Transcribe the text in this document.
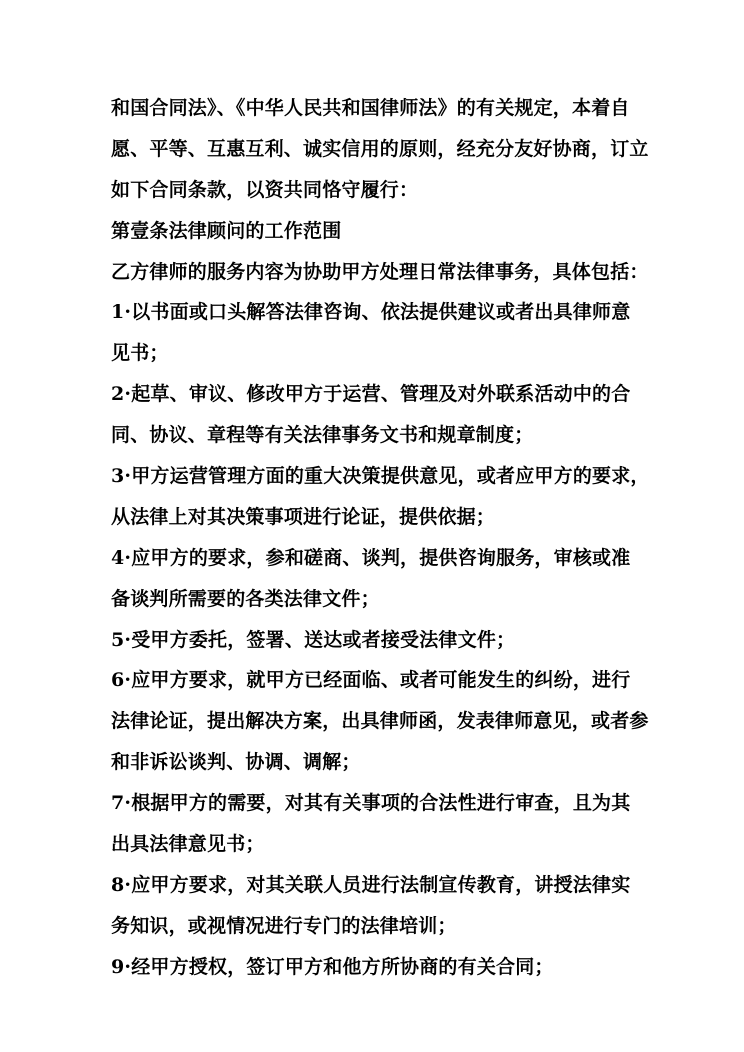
和国合同法》、《中华人民共和国律师法》的有关规定，本着自
愿、平等、互惠互利、诚实信用的原则，经充分友好协商，订立
如下合同条款，以资共同恪守履行：
第壹条法律顾问的工作范围
乙方律师的服务内容为协助甲方处理日常法律事务，具体包括：
1·以书面或口头解答法律咨询、依法提供建议或者出具律师意
见书；
2·起草、审议、修改甲方于运营、管理及对外联系活动中的合
同、协议、章程等有关法律事务文书和规章制度；
3·甲方运营管理方面的重大决策提供意见，或者应甲方的要求，
从法律上对其决策事项进行论证，提供依据；
4·应甲方的要求，参和磋商、谈判，提供咨询服务，审核或准
备谈判所需要的各类法律文件；
5·受甲方委托，签署、送达或者接受法律文件；
6·应甲方要求，就甲方已经面临、或者可能发生的纠纷，进行
法律论证，提出解决方案，出具律师函，发表律师意见，或者参
和非诉讼谈判、协调、调解；
7·根据甲方的需要，对其有关事项的合法性进行审查，且为其
出具法律意见书；
8·应甲方要求，对其关联人员进行法制宣传教育，讲授法律实
务知识，或视情况进行专门的法律培训；
9·经甲方授权，签订甲方和他方所协商的有关合同；
